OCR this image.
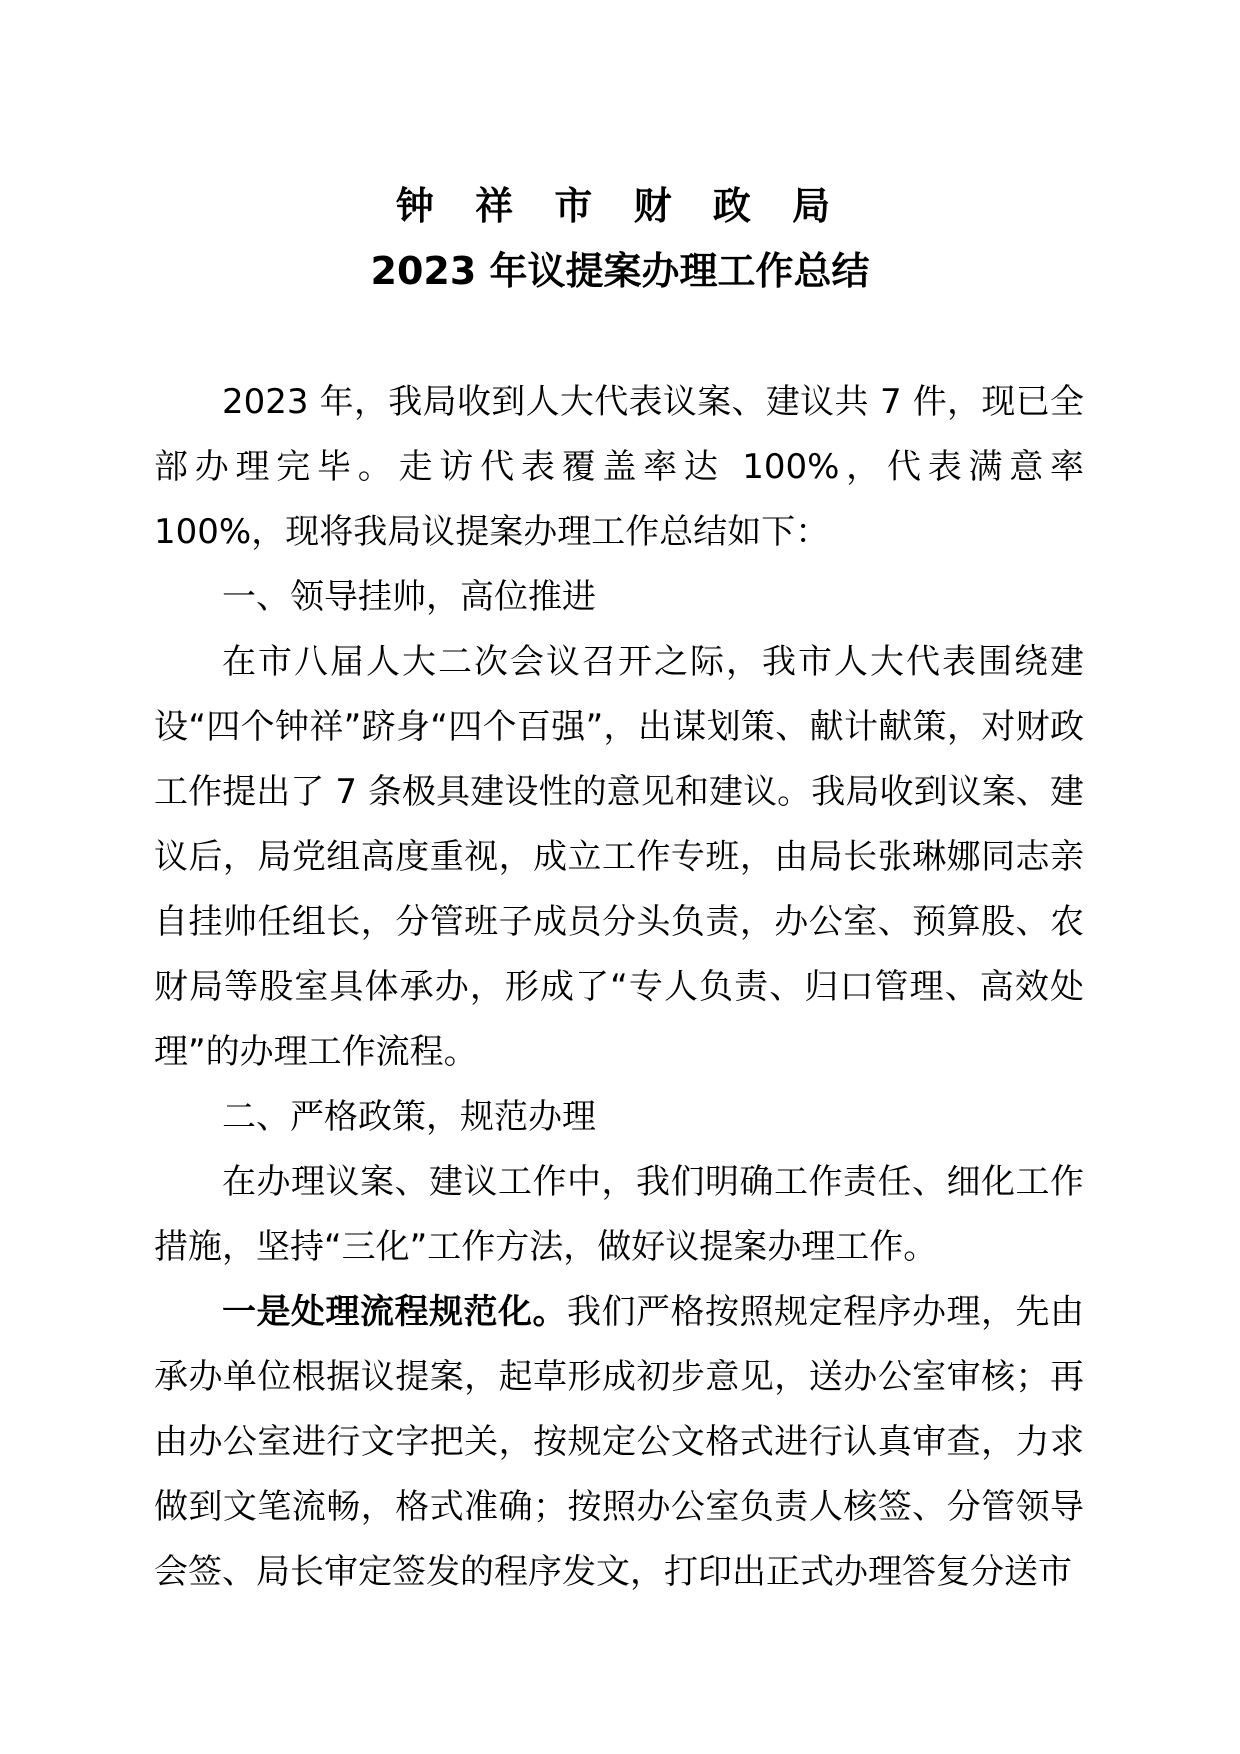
钟 祥 市 财 政 局
2023 年议提案办理工作总结

2023 年，我局收到人大代表议案、建议共 7 件，现已全部办理完毕。走访代表覆盖率达 100%，代表满意率 100%，现将我局议提案办理工作总结如下：

一、领导挂帅，高位推进

在市八届人大二次会议召开之际，我市人大代表围绕建设“四个钟祥”跻身“四个百强”，出谋划策、献计献策，对财政工作提出了 7 条极具建设性的意见和建议。我局收到议案、建议后，局党组高度重视，成立工作专班，由局长张琳娜同志亲自挂帅任组长，分管班子成员分头负责，办公室、预算股、农财局等股室具体承办，形成了“专人负责、归口管理、高效处理”的办理工作流程。

二、严格政策，规范办理

在办理议案、建议工作中，我们明确工作责任、细化工作措施，坚持“三化”工作方法，做好议提案办理工作。

一是处理流程规范化。我们严格按照规定程序办理，先由承办单位根据议提案，起草形成初步意见，送办公室审核；再由办公室进行文字把关，按规定公文格式进行认真审查，力求做到文笔流畅，格式准确；按照办公室负责人核签、分管领导会签、局长审定签发的程序发文，打印出正式办理答复分送市
